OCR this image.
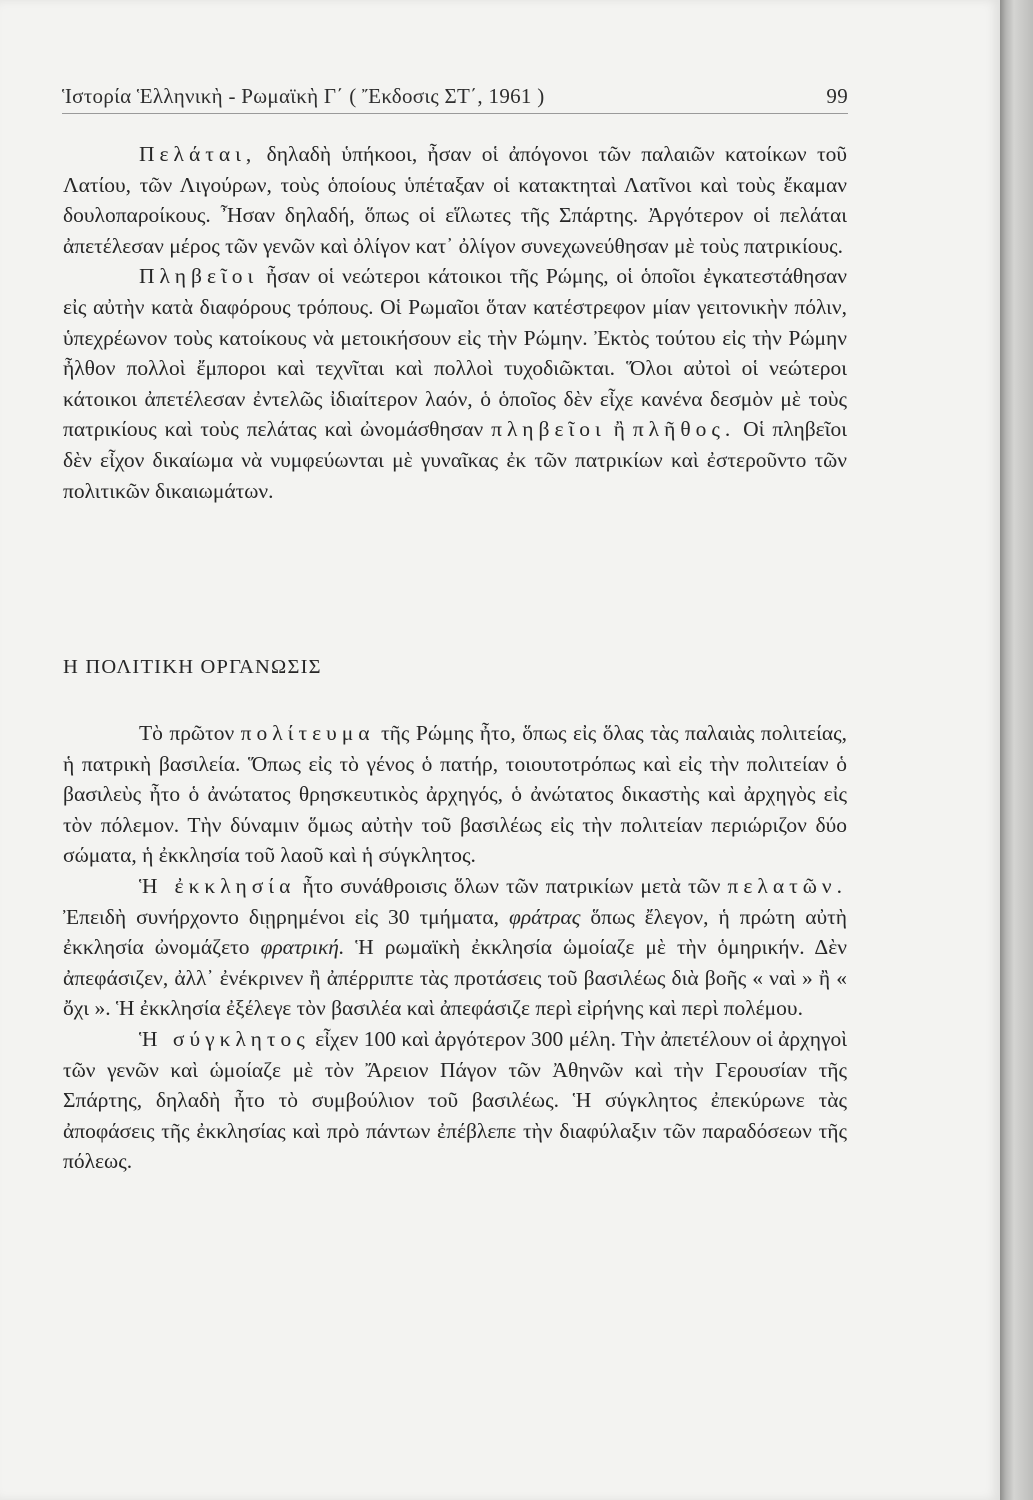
Ἱστορία Ἑλληνικὴ - Ρωμαϊκὴ Γ΄ ( Ἔκδοσις ΣΤ΄, 1961 )	99

Πελάται, δηλαδὴ ὑπήκοοι, ἦσαν οἱ ἀπόγονοι τῶν παλαιῶν κατοίκων τοῦ Λατίου, τῶν Λιγούρων, τοὺς ὁποίους ὑπέταξαν οἱ κατακτηταὶ Λατῖνοι καὶ τοὺς ἔκαμαν δουλοπαροίκους. Ἦσαν δηλαδή, ὅπως οἱ εἵλωτες τῆς Σπάρτης. Ἀργότερον οἱ πελάται ἀπετέλεσαν μέρος τῶν γενῶν καὶ ὀλίγον κατ᾽ ὀλίγον συνεχωνεύθησαν μὲ τοὺς πατρικίους.

Πληβεῖοι ἦσαν οἱ νεώτεροι κάτοικοι τῆς Ρώμης, οἱ ὁποῖοι ἐγκατεστάθησαν εἰς αὐτὴν κατὰ διαφόρους τρόπους. Οἱ Ρωμαῖοι ὅταν κατέστρεφον μίαν γειτονικὴν πόλιν, ὑπεχρέωνον τοὺς κατοίκους νὰ μετοικήσουν εἰς τὴν Ρώμην. Ἐκτὸς τούτου εἰς τὴν Ρώμην ἦλθον πολλοὶ ἔμποροι καὶ τεχνῖται καὶ πολλοὶ τυχοδιῶκται. Ὅλοι αὐτοὶ οἱ νεώτεροι κάτοικοι ἀπετέλεσαν ἐντελῶς ἰδιαίτερον λαόν, ὁ ὁποῖος δὲν εἶχε κανένα δεσμὸν μὲ τοὺς πατρικίους καὶ τοὺς πελάτας καὶ ὠνομάσθησαν πληβεῖοι ἢ πλῆθος. Οἱ πληβεῖοι δὲν εἶχον δικαίωμα νὰ νυμφεύωνται μὲ γυναῖκας ἐκ τῶν πατρικίων καὶ ἐστεροῦντο τῶν πολιτικῶν δικαιωμάτων.

Η ΠΟΛΙΤΙΚΗ ΟΡΓΑΝΩΣΙΣ

Τὸ πρῶτον πολίτευμα τῆς Ρώμης ἦτο, ὅπως εἰς ὅλας τὰς παλαιὰς πολιτείας, ἡ πατρικὴ βασιλεία. Ὅπως εἰς τὸ γένος ὁ πατήρ, τοιουτοτρόπως καὶ εἰς τὴν πολιτείαν ὁ βασιλεὺς ἦτο ὁ ἀνώτατος θρησκευτικὸς ἀρχηγός, ὁ ἀνώτατος δικαστὴς καὶ ἀρχηγὸς εἰς τὸν πόλεμον. Τὴν δύναμιν ὅμως αὐτὴν τοῦ βασιλέως εἰς τὴν πολιτείαν περιώριζον δύο σώματα, ἡ ἐκκλησία τοῦ λαοῦ καὶ ἡ σύγκλητος.

Ἡ ἐκκλησία ἦτο συνάθροισις ὅλων τῶν πατρικίων μετὰ τῶν πελατῶν. Ἐπειδὴ συνήρχοντο διῃρημένοι εἰς 30 τμήματα, φράτρας ὅπως ἔλεγον, ἡ πρώτη αὐτὴ ἐκκλησία ὠνομάζετο φρατρική. Ἡ ρωμαϊκὴ ἐκκλησία ὡμοίαζε μὲ τὴν ὁμηρικήν. Δὲν ἀπεφάσιζεν, ἀλλ᾽ ἐνέκρινεν ἢ ἀπέρριπτε τὰς προτάσεις τοῦ βασιλέως διὰ βοῆς « ναὶ » ἢ « ὄχι ». Ἡ ἐκκλησία ἐξέλεγε τὸν βασιλέα καὶ ἀπεφάσιζε περὶ εἰρήνης καὶ περὶ πολέμου.

Ἡ σύγκλητος εἶχεν 100 καὶ ἀργότερον 300 μέλη. Τὴν ἀπετέλουν οἱ ἀρχηγοὶ τῶν γενῶν καὶ ὡμοίαζε μὲ τὸν Ἄρειον Πάγον τῶν Ἀθηνῶν καὶ τὴν Γερουσίαν τῆς Σπάρτης, δηλαδὴ ἦτο τὸ συμβούλιον τοῦ βασιλέως. Ἡ σύγκλητος ἐπεκύρωνε τὰς ἀποφάσεις τῆς ἐκκλησίας καὶ πρὸ πάντων ἐπέβλεπε τὴν διαφύλαξιν τῶν παραδόσεων τῆς πόλεως.
